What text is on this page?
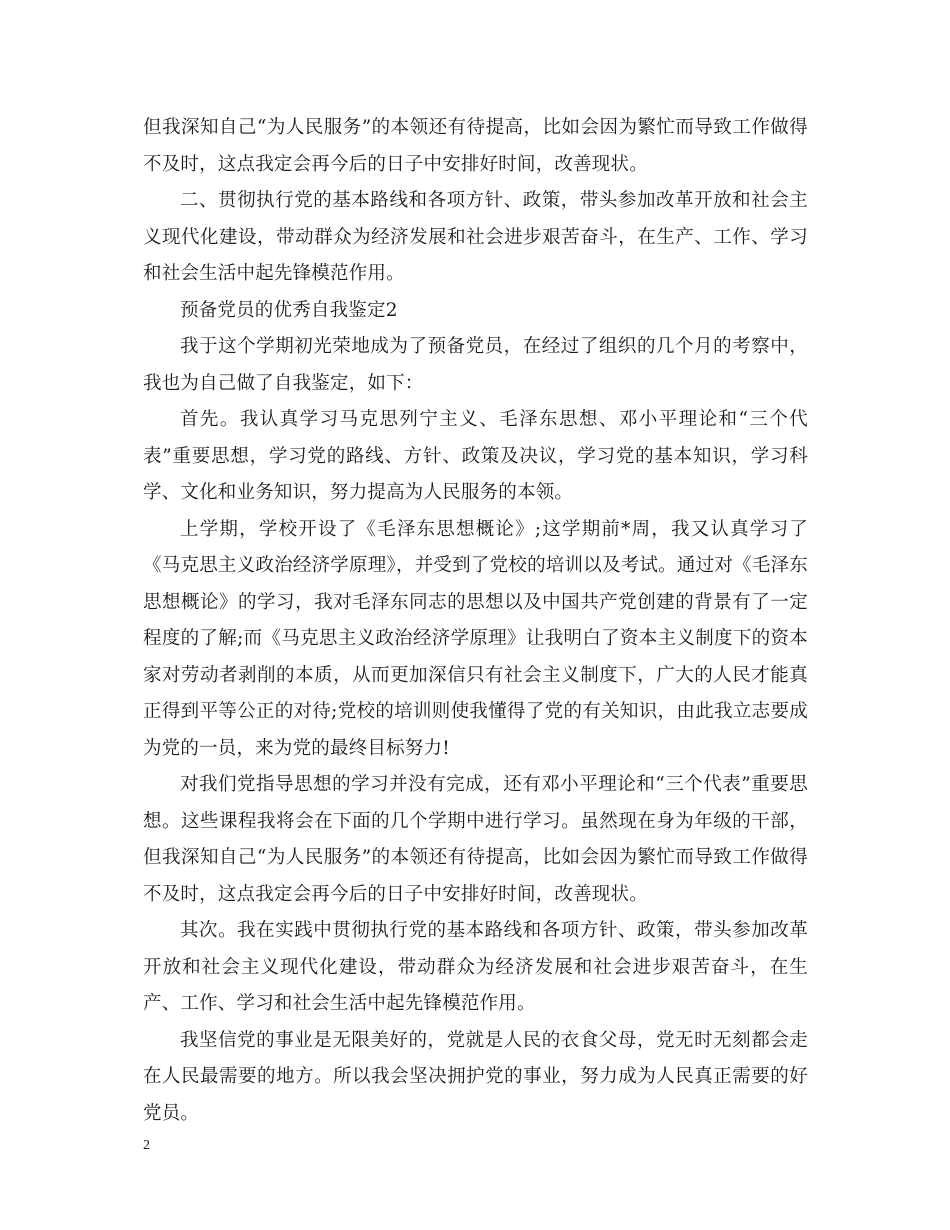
但我深知自己“为人民服务”的本领还有待提高，比如会因为繁忙而导致工作做得不及时，这点我定会再今后的日子中安排好时间，改善现状。

二、贯彻执行党的基本路线和各项方针、政策，带头参加改革开放和社会主义现代化建设，带动群众为经济发展和社会进步艰苦奋斗，在生产、工作、学习和社会生活中起先锋模范作用。

预备党员的优秀自我鉴定2

我于这个学期初光荣地成为了预备党员，在经过了组织的几个月的考察中，我也为自己做了自我鉴定，如下：

首先。我认真学习马克思列宁主义、毛泽东思想、邓小平理论和“三个代表”重要思想，学习党的路线、方针、政策及决议，学习党的基本知识，学习科学、文化和业务知识，努力提高为人民服务的本领。

上学期，学校开设了《毛泽东思想概论》;这学期前*周，我又认真学习了《马克思主义政治经济学原理》，并受到了党校的培训以及考试。通过对《毛泽东思想概论》的学习，我对毛泽东同志的思想以及中国共产党创建的背景有了一定程度的了解;而《马克思主义政治经济学原理》让我明白了资本主义制度下的资本家对劳动者剥削的本质，从而更加深信只有社会主义制度下，广大的人民才能真正得到平等公正的对待;党校的培训则使我懂得了党的有关知识，由此我立志要成为党的一员，来为党的最终目标努力!

对我们党指导思想的学习并没有完成，还有邓小平理论和“三个代表”重要思想。这些课程我将会在下面的几个学期中进行学习。虽然现在身为年级的干部，但我深知自己“为人民服务”的本领还有待提高，比如会因为繁忙而导致工作做得不及时，这点我定会再今后的日子中安排好时间，改善现状。

其次。我在实践中贯彻执行党的基本路线和各项方针、政策，带头参加改革开放和社会主义现代化建设，带动群众为经济发展和社会进步艰苦奋斗，在生产、工作、学习和社会生活中起先锋模范作用。

我坚信党的事业是无限美好的，党就是人民的衣食父母，党无时无刻都会走在人民最需要的地方。所以我会坚决拥护党的事业，努力成为人民真正需要的好党员。

2
